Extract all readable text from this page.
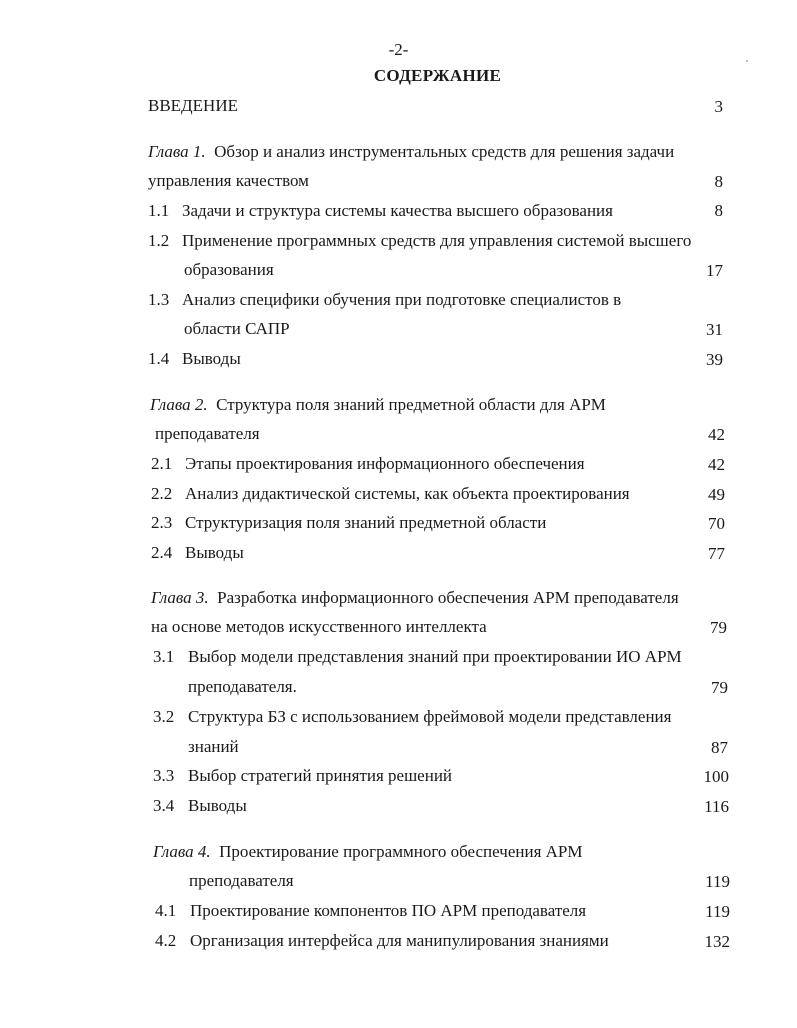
-2-
СОДЕРЖАНИЕ
ВВЕДЕНИЕ	3
Глава 1. Обзор и анализ инструментальных средств для решения задачи
управления качеством	8
1.1 Задачи и структура системы качества высшего образования	8
1.2 Применение программных средств для управления системой высшего
образования	17
1.3 Анализ специфики обучения при подготовке специалистов в
области САПР	31
1.4 Выводы	39
Глава 2. Структура поля знаний предметной области для АРМ
преподавателя	42
2.1 Этапы проектирования информационного обеспечения	42
2.2 Анализ дидактической системы, как объекта проектирования	49
2.3 Структуризация поля знаний предметной области	70
2.4 Выводы	77
Глава 3. Разработка информационного обеспечения АРМ преподавателя
на основе методов искусственного интеллекта	79
3.1 Выбор модели представления знаний при проектировании ИО АРМ
преподавателя.	79
3.2 Структура БЗ с использованием фреймовой модели представления
знаний	87
3.3 Выбор стратегий принятия решений	100
3.4 Выводы	116
Глава 4. Проектирование программного обеспечения АРМ
преподавателя	119
4.1 Проектирование компонентов ПО АРМ преподавателя	119
4.2 Организация интерфейса для манипулирования знаниями	132
